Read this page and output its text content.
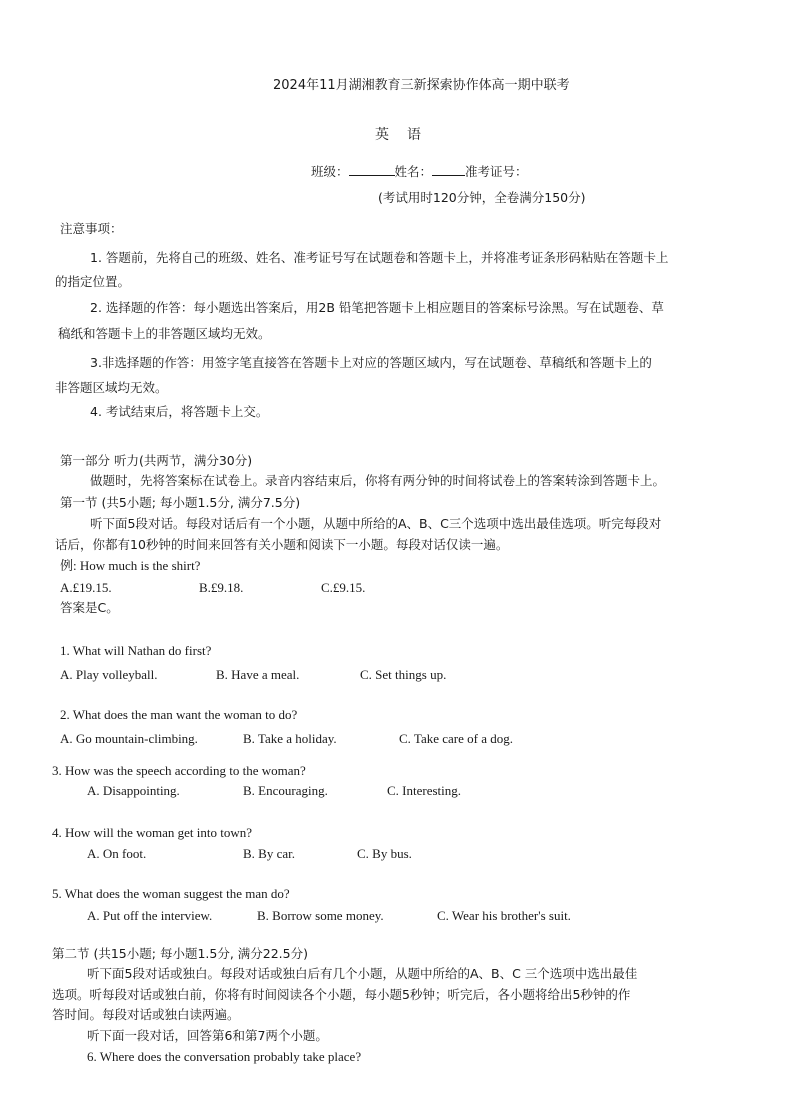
2024年11月湖湘教育三新探索协作体高一期中联考
英　语
班级：	姓名：	准考证号：
(考试用时120分钟，全卷满分150分)
注意事项：
1. 答题前，先将自己的班级、姓名、准考证号写在试题卷和答题卡上，并将准考证条形码粘贴在答题卡上
的指定位置。
2. 选择题的作答：每小题选出答案后，用2B 铅笔把答题卡上相应题目的答案标号涂黑。写在试题卷、草
稿纸和答题卡上的非答题区域均无效。
3.非选择题的作答：用签字笔直接答在答题卡上对应的答题区域内，写在试题卷、草稿纸和答题卡上的
非答题区域均无效。
4. 考试结束后，将答题卡上交。
第一部分 听力(共两节，满分30分)
做题时，先将答案标在试卷上。录音内容结束后，你将有两分钟的时间将试卷上的答案转涂到答题卡上。
第一节 (共5小题; 每小题1.5分, 满分7.5分)
听下面5段对话。每段对话后有一个小题，从题中所给的A、B、C三个选项中选出最佳选项。听完每段对
话后，你都有10秒钟的时间来回答有关小题和阅读下一小题。每段对话仅读一遍。
例: How much is the shirt?
A.£19.15.	B.£9.18.	C.£9.15.
答案是C。
1. What will Nathan do first?
A. Play volleyball.	B. Have a meal.	C. Set things up.
2. What does the man want the woman to do?
A. Go mountain-climbing.	B. Take a holiday.	C. Take care of a dog.
3. How was the speech according to the woman?
A. Disappointing.	B. Encouraging.	C. Interesting.
4. How will the woman get into town?
A. On foot.	B. By car.	C. By bus.
5. What does the woman suggest the man do?
A. Put off the interview.	B. Borrow some money.	C. Wear his brother's suit.
第二节 (共15小题; 每小题1.5分, 满分22.5分)
听下面5段对话或独白。每段对话或独白后有几个小题，从题中所给的A、B、C 三个选项中选出最佳
选项。听每段对话或独白前，你将有时间阅读各个小题，每小题5秒钟；听完后，各小题将给出5秒钟的作
答时间。每段对话或独白读两遍。
听下面一段对话，回答第6和第7两个小题。
6. Where does the conversation probably take place?
